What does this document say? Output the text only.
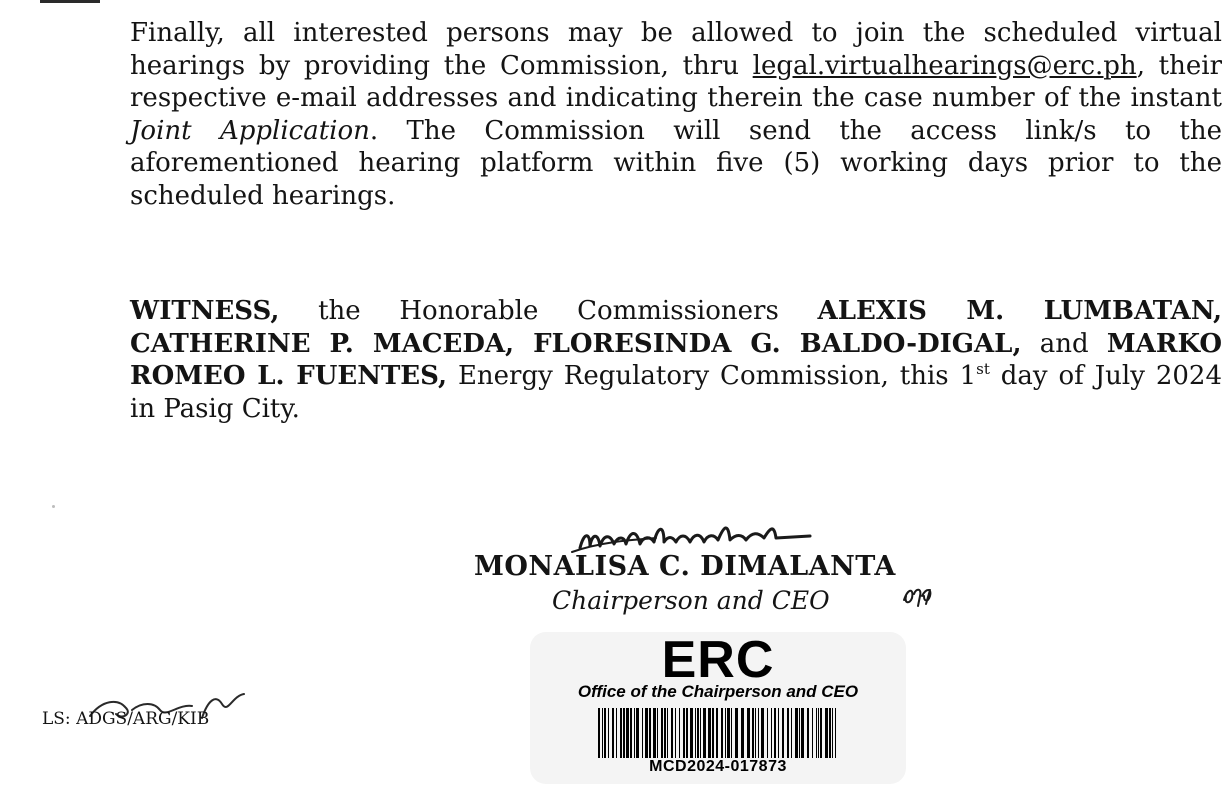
Finally, all interested persons may be allowed to join the scheduled virtual hearings by providing the Commission, thru legal.virtualhearings@erc.ph, their respective e-mail addresses and indicating therein the case number of the instant Joint Application. The Commission will send the access link/s to the aforementioned hearing platform within five (5) working days prior to the scheduled hearings.

WITNESS, the Honorable Commissioners ALEXIS M. LUMBATAN, CATHERINE P. MACEDA, FLORESINDA G. BALDO-DIGAL, and MARKO ROMEO L. FUENTES, Energy Regulatory Commission, this 1st day of July 2024 in Pasig City.

MONALISA C. DIMALANTA
Chairperson and CEO
ERC
Office of the Chairperson and CEO
MCD2024-017873
LS: ADGS/ARG/KIB
